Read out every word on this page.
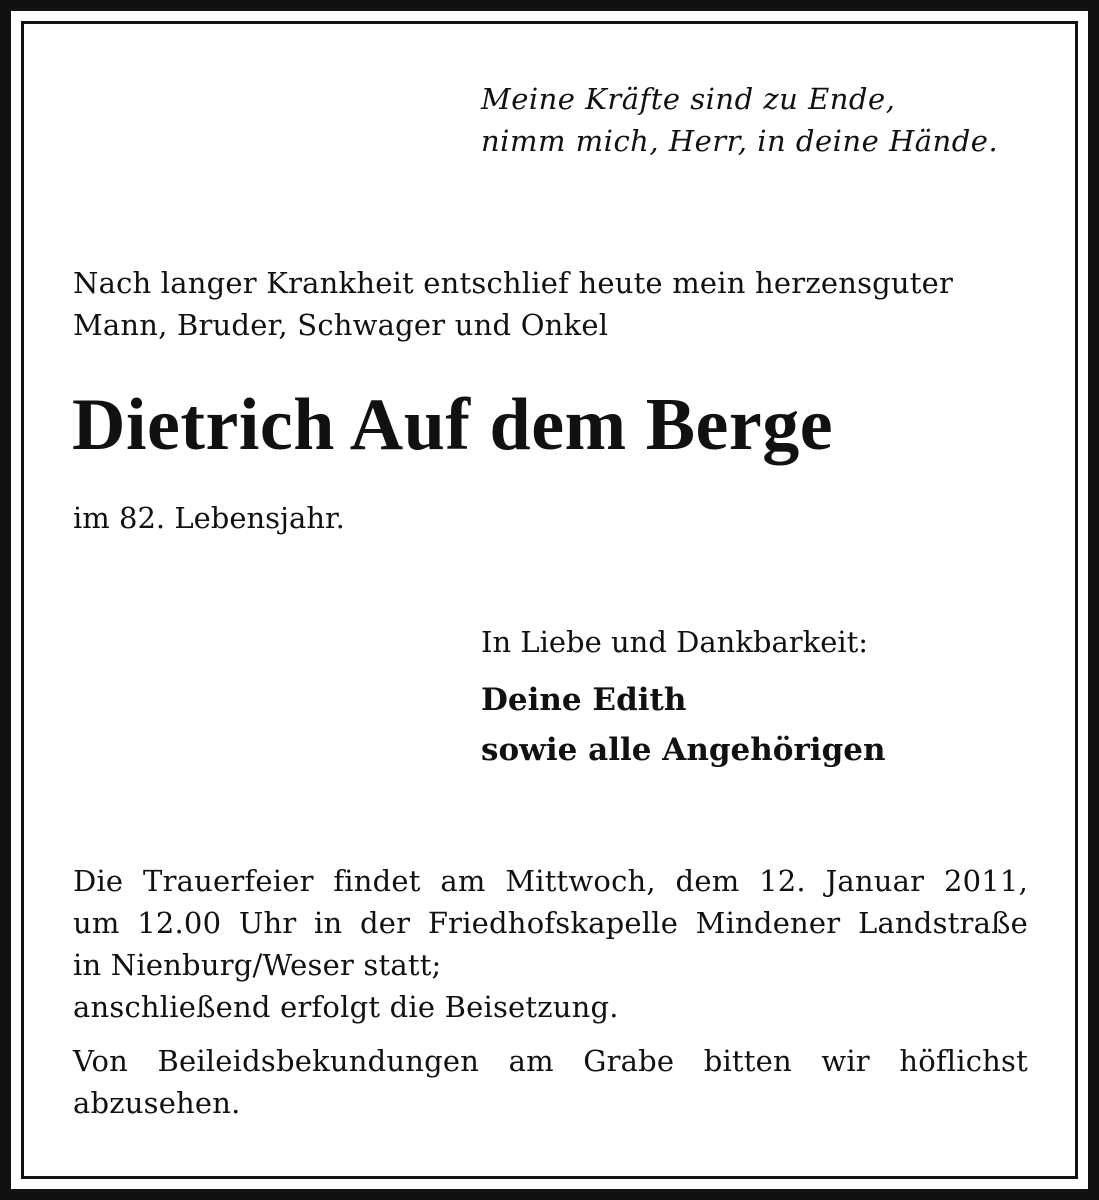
Meine Kräfte sind zu Ende,
nimm mich, Herr, in deine Hände.
Nach langer Krankheit entschlief heute mein herzensguter
Mann, Bruder, Schwager und Onkel
Dietrich Auf dem Berge
im 82. Lebensjahr.
In Liebe und Dankbarkeit:
Deine Edith
sowie alle Angehörigen
Die Trauerfeier findet am Mittwoch, dem 12. Januar 2011,
um 12.00 Uhr in der Friedhofskapelle Mindener Landstraße
in Nienburg/Weser statt;
anschließend erfolgt die Beisetzung.
Von Beileidsbekundungen am Grabe bitten wir höflichst
abzusehen.
